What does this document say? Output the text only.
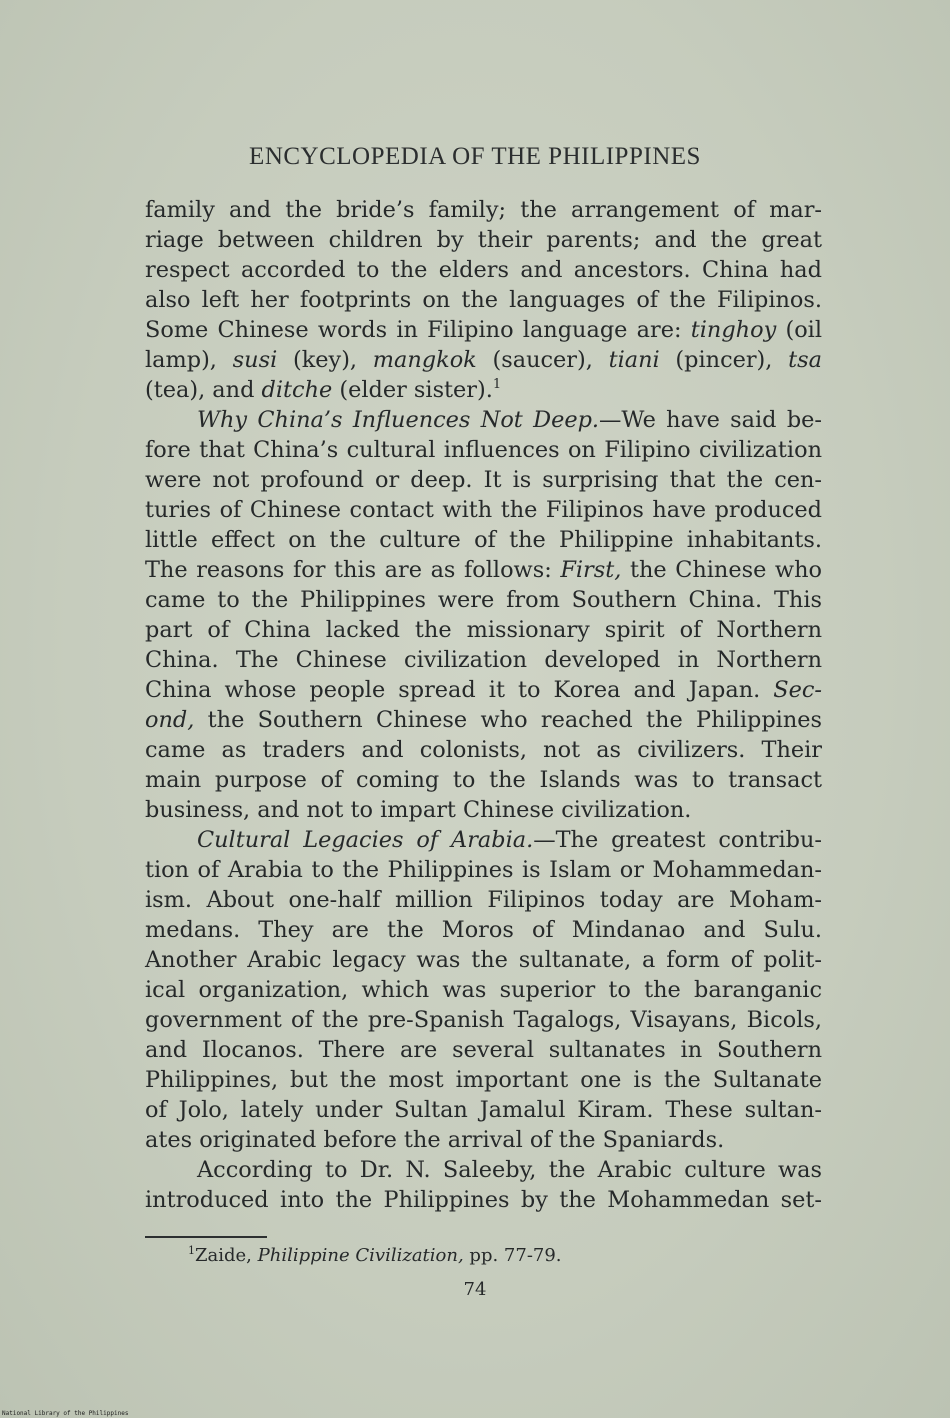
ENCYCLOPEDIA OF THE PHILIPPINES
family and the bride’s family; the arrangement of mar-
riage between children by their parents; and the great
respect accorded to the elders and ancestors. China had
also left her footprints on the languages of the Filipinos.
Some Chinese words in Filipino language are: tinghoy (oil
lamp), susi (key), mangkok (saucer), tiani (pincer), tsa
(tea), and ditche (elder sister).$^1$
Why China’s Influences Not Deep.—We have said be-
fore that China’s cultural influences on Filipino civilization
were not profound or deep. It is surprising that the cen-
turies of Chinese contact with the Filipinos have produced
little effect on the culture of the Philippine inhabitants.
The reasons for this are as follows: First, the Chinese who
came to the Philippines were from Southern China. This
part of China lacked the missionary spirit of Northern
China. The Chinese civilization developed in Northern
China whose people spread it to Korea and Japan. Sec-
ond, the Southern Chinese who reached the Philippines
came as traders and colonists, not as civilizers. Their
main purpose of coming to the Islands was to transact
business, and not to impart Chinese civilization.
Cultural Legacies of Arabia.—The greatest contribu-
tion of Arabia to the Philippines is Islam or Mohammedan-
ism. About one-half million Filipinos today are Moham-
medans. They are the Moros of Mindanao and Sulu.
Another Arabic legacy was the sultanate, a form of polit-
ical organization, which was superior to the baranganic
government of the pre-Spanish Tagalogs, Visayans, Bicols,
and Ilocanos. There are several sultanates in Southern
Philippines, but the most important one is the Sultanate
of Jolo, lately under Sultan Jamalul Kiram. These sultan-
ates originated before the arrival of the Spaniards.
According to Dr. N. Saleeby, the Arabic culture was
introduced into the Philippines by the Mohammedan set-
$^1$Zaide, Philippine Civilization, pp. 77-79.
74
National Library of the Philippines
